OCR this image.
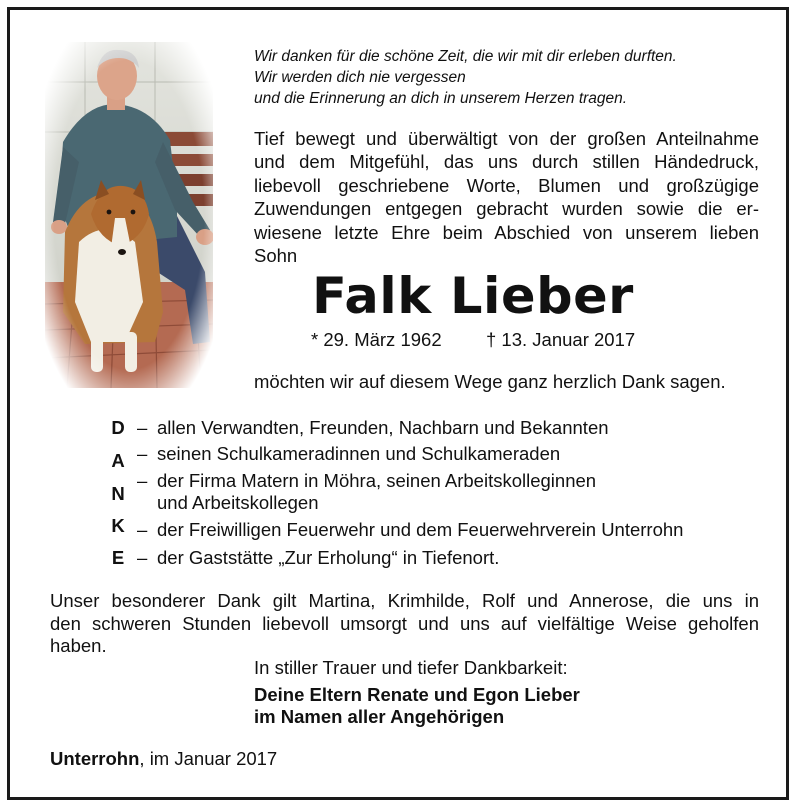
Wir danken für die schöne Zeit, die wir mit dir erleben durften.
Wir werden dich nie vergessen
und die Erinnerung an dich in unserem Herzen tragen.
Tief bewegt und überwältigt von der großen Anteilnahme
und dem Mitgefühl, das uns durch stillen Händedruck,
liebevoll geschriebene Worte, Blumen und großzügige
Zuwendungen entgegen gebracht wurden sowie die er-
wiesene letzte Ehre beim Abschied von unserem lieben
Sohn
Falk Lieber
* 29. März 1962 † 13. Januar 2017
möchten wir auf diesem Wege ganz herzlich Dank sagen.
D
A
N
K
E
– allen Verwandten, Freunden, Nachbarn und Bekannten
– seinen Schulkameradinnen und Schulkameraden
– der Firma Matern in Möhra, seinen Arbeitskolleginnen
und Arbeitskollegen
– der Freiwilligen Feuerwehr und dem Feuerwehrverein Unterrohn
– der Gaststätte „Zur Erholung“ in Tiefenort.
Unser besonderer Dank gilt Martina, Krimhilde, Rolf und Annerose, die uns in
den schweren Stunden liebevoll umsorgt und uns auf vielfältige Weise geholfen
haben.
In stiller Trauer und tiefer Dankbarkeit:
Deine Eltern Renate und Egon Lieber
im Namen aller Angehörigen
Unterrohn, im Januar 2017
